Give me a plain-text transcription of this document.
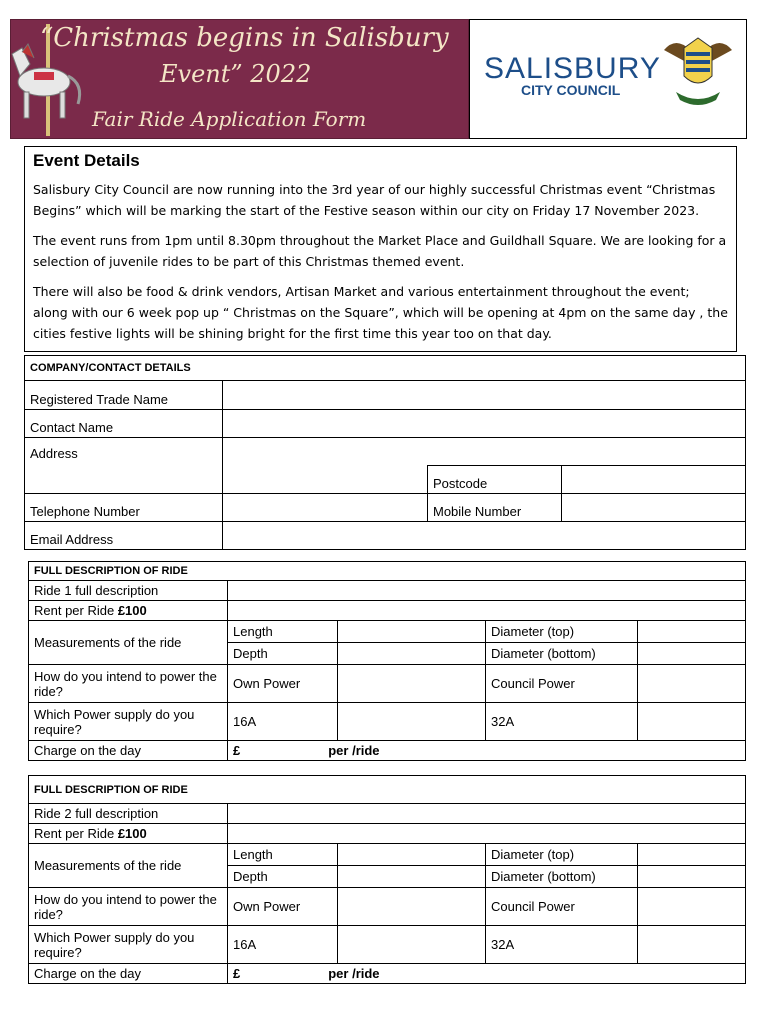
“Christmas begins in Salisbury
Event” 2022
Fair Ride Application Form
SALISBURY
CITY COUNCIL
Event Details

Salisbury City Council are now running into the 3rd year of our highly successful Christmas event “Christmas Begins” which will be marking the start of the Festive season within our city on Friday 17 November 2023.

The event runs from 1pm until 8.30pm throughout the Market Place and Guildhall Square. We are looking for a selection of juvenile rides to be part of this Christmas themed event.

There will also be food & drink vendors, Artisan Market and various entertainment throughout the event; along with our 6 week pop up “ Christmas on the Square”, which will be opening at 4pm on the same day , the cities festive lights will be shining bright for the first time this year too on that day.

COMPANY/CONTACT DETAILS			
Registered Trade Name			
Contact Name			
Address			
		Postcode	
Telephone Number		Mobile Number	
Email Address			
FULL DESCRIPTION OF RIDE				
Ride 1 full description				
Rent per Ride £100				
Measurements of the ride	Length		Diameter (top)	
	Depth		Diameter (bottom)	
How do you intend to power the ride?	Own Power		Council Power	
Which Power supply do you require?	16A		32A	
Charge on the day	£ per /ride			
FULL DESCRIPTION OF RIDE				
Ride 2 full description				
Rent per Ride £100				
Measurements of the ride	Length		Diameter (top)	
	Depth		Diameter (bottom)	
How do you intend to power the ride?	Own Power		Council Power	
Which Power supply do you require?	16A		32A	
Charge on the day	£ per /ride			
